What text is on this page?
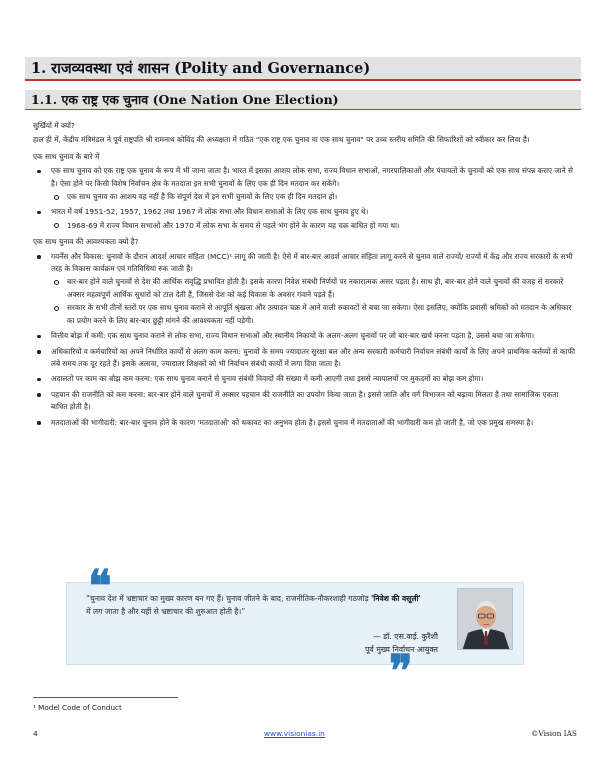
1. राजव्यवस्था एवं शासन (Polity and Governance)
1.1. एक राष्ट्र एक चुनाव (One Nation One Election)

सुर्खियों में क्यों?

हाल ही में, केंद्रीय मंत्रिमंडल ने पूर्व राष्ट्रपति श्री रामनाथ कोविंद की अध्यक्षता में गठित "एक राष्ट्र एक चुनाव या एक साथ चुनाव" पर उच्च स्तरीय समिति की सिफारिशों को स्वीकार कर लिया है।

एक साथ चुनाव के बारे में

एक साथ चुनाव को एक राष्ट्र एक चुनाव के रूप में भी जाना जाता है। भारत में इसका आशय लोक सभा, राज्य विधान सभाओं, नगरपालिकाओं और पंचायतों के चुनावों को एक साथ संपन्न कराए जाने से है। ऐसा होने पर किसी विशेष निर्वाचन क्षेत्र के मतदाता इन सभी चुनावों के लिए एक ही दिन मतदान कर सकेंगे।
एक साथ चुनाव का आशय यह नहीं है कि संपूर्ण देश में इन सभी चुनावों के लिए एक ही दिन मतदान हो।
भारत में वर्ष 1951-52, 1957, 1962 तथा 1967 में लोक सभा और विधान सभाओं के लिए एक साथ चुनाव हुए थे।
1968-69 में राज्य विधान सभाओं और 1970 में लोक सभा के समय से पहले भंग होने के कारण यह चक्र बाधित हो गया था।

एक साथ चुनाव की आवश्यकता क्यों है?

गवर्नेंस और विकास: चुनावों के दौरान आदर्श आचार संहिता (MCC)¹ लागू की जाती है। ऐसे में बार-बार आदर्श आचार संहिता लागू करने से चुनाव वाले राज्यों/ राज्यों में केंद्र और राज्य सरकारों के सभी तरह के विकास कार्यक्रम एवं गतिविधियां रुक जाती हैं।
बार-बार होने वाले चुनावों से देश की आर्थिक संवृद्धि प्रभावित होती है। इसके कारण निवेश संबंधी निर्णयों पर नकारात्मक असर पड़ता है। साथ ही, बार-बार होने वाले चुनावों की वजह से सरकारें अक्सर महत्वपूर्ण आर्थिक सुधारों को टाल देती हैं, जिससे देश को कई विकास के अवसर गंवाने पड़ते हैं।
सरकार के सभी तीनों स्तरों पर एक साथ चुनाव कराने से आपूर्ति श्रृंखला और उत्पादन चक्र में आने वाली रुकावटों से बचा जा सकेगा। ऐसा इसलिए, क्योंकि प्रवासी श्रमिकों को मतदान के अधिकार का प्रयोग करने के लिए बार-बार छुट्टी मांगने की आवश्यकता नहीं पड़ेगी।
वित्तीय बोझ में कमी: एक साथ चुनाव कराने से लोक सभा, राज्य विधान सभाओं और स्थानीय निकायों के अलग-अलग चुनावों पर जो बार-बार खर्च करना पड़ता है, उससे बचा जा सकेगा।
अधिकारियों व कर्मचारियों का अपने निर्धारित कार्यों से अलग काम करना: चुनावों के समय ज्यादातर सुरक्षा बल और अन्य सरकारी कर्मचारी निर्वाचन संबंधी कार्यों के लिए अपने प्राथमिक कर्तव्यों से काफी लंबे समय तक दूर रहते हैं। इसके अलावा, ज्यादातर शिक्षकों को भी निर्वाचन संबंधी कार्यों में लगा दिया जाता है।
अदालतों पर काम का बोझ कम करना: एक साथ चुनाव कराने से चुनाव संबंधी विवादों की संख्या में कमी आएगी तथा इससे न्यायालयों पर मुकदमों का बोझ कम होगा।
पहचान की राजनीति को कम करना: बार-बार होने वाले चुनावों में अक्सर पहचान की राजनीति का उपयोग किया जाता है। इससे जाति और वर्ग विभाजन को बढ़ावा मिलता है तथा सामाजिक एकता बाधित होती है।
मतदाताओं की भागीदारी: बार-बार चुनाव होने के कारण 'मतदाताओं' को थकावट का अनुभव होता है। इससे चुनाव में मतदाताओं की भागीदारी कम हो जाती है, जो एक प्रमुख समस्या है।
❝
“चुनाव देश में भ्रष्टाचार का मुख्य कारण बन गए हैं। चुनाव जीतने के बाद, राजनीतिक-नौकरशाही गठजोड़ 'निवेश की वसूली' में लग जाता है और यहीं से भ्रष्टाचार की शुरुआत होती है।”
— डॉ. एस.वाई. कुरैशी
पूर्व मुख्य निर्वाचन आयुक्त
❞
¹ Model Code of Conduct
4	www.visionias.in	©Vision IAS
